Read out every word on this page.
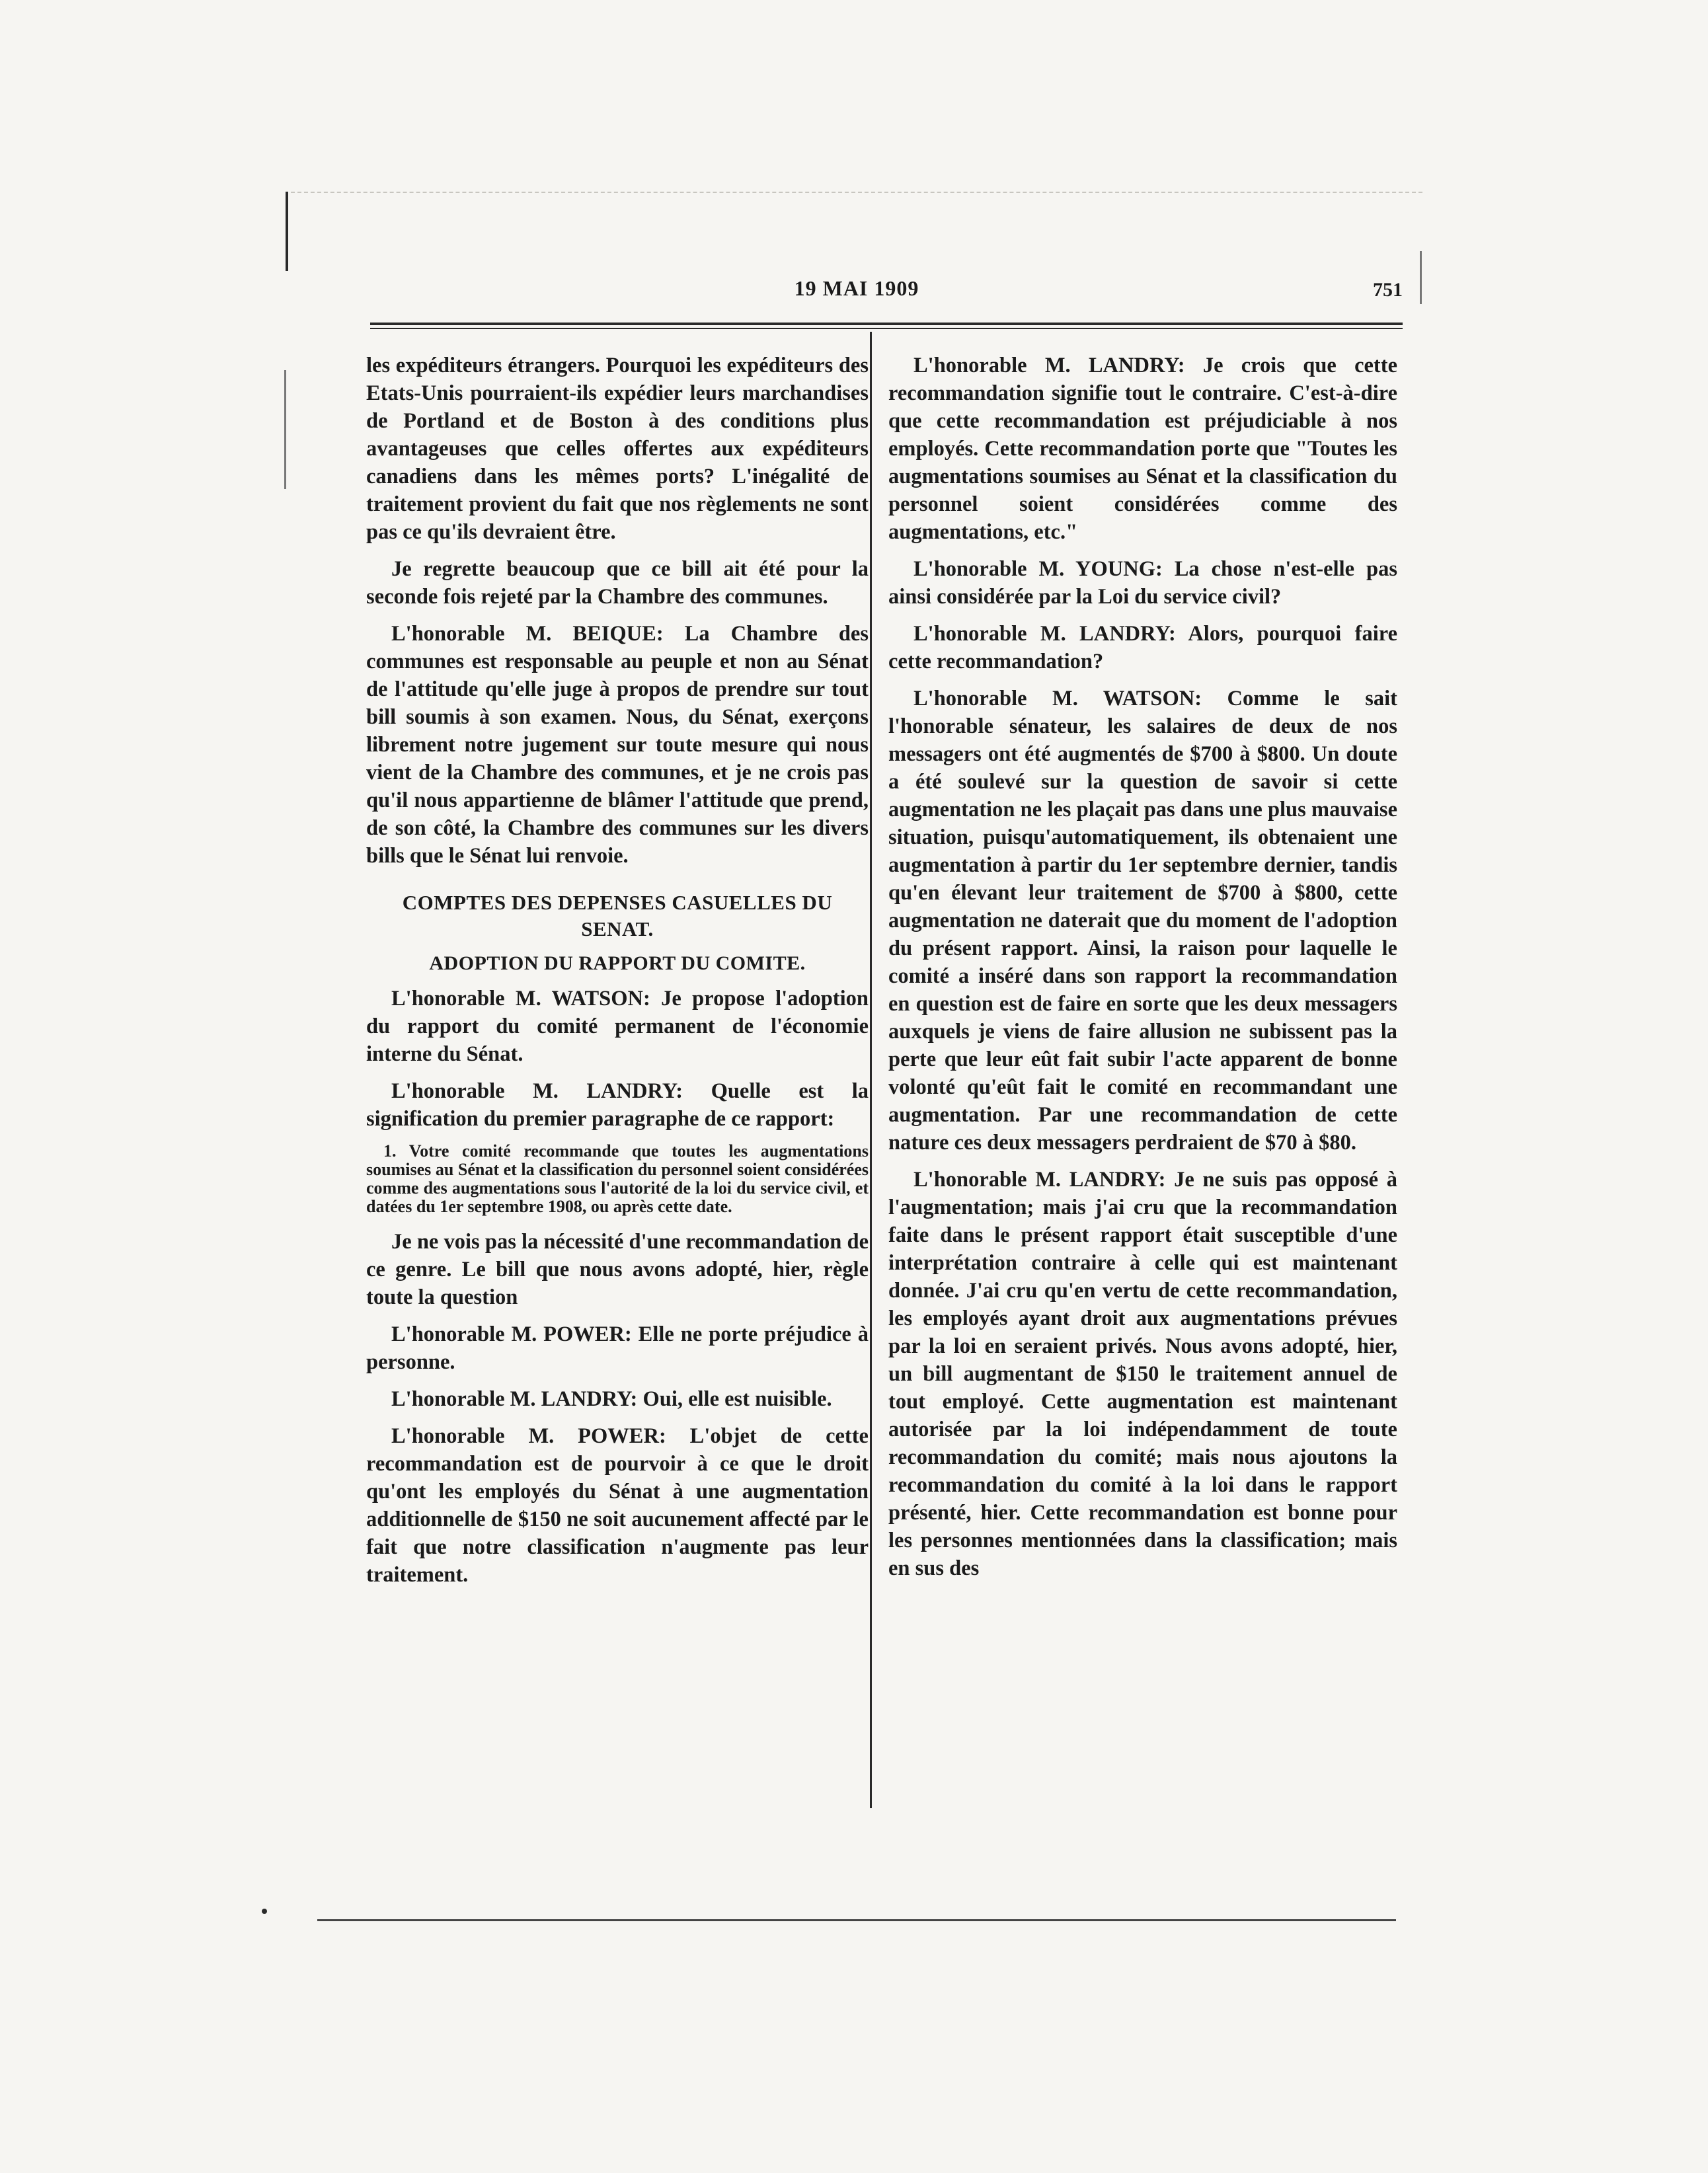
19 MAI 1909	751

les expéditeurs étrangers. Pourquoi les expéditeurs des Etats-Unis pourraient-ils expédier leurs marchandises de Portland et de Boston à des conditions plus avantageuses que celles offertes aux expéditeurs canadiens dans les mêmes ports? L'inégalité de traitement provient du fait que nos règlements ne sont pas ce qu'ils devraient être.

Je regrette beaucoup que ce bill ait été pour la seconde fois rejeté par la Chambre des communes.

L'honorable M. BEIQUE: La Chambre des communes est responsable au peuple et non au Sénat de l'attitude qu'elle juge à propos de prendre sur tout bill soumis à son examen. Nous, du Sénat, exerçons librement notre jugement sur toute mesure qui nous vient de la Chambre des communes, et je ne crois pas qu'il nous appartienne de blâmer l'attitude que prend, de son côté, la Chambre des communes sur les divers bills que le Sénat lui renvoie.

COMPTES DES DEPENSES CASUELLES DU SENAT.
ADOPTION DU RAPPORT DU COMITE.

L'honorable M. WATSON: Je propose l'adoption du rapport du comité permanent de l'économie interne du Sénat.

L'honorable M. LANDRY: Quelle est la signification du premier paragraphe de ce rapport:

1. Votre comité recommande que toutes les augmentations soumises au Sénat et la classification du personnel soient considérées comme des augmentations sous l'autorité de la loi du service civil, et datées du 1er septembre 1908, ou après cette date.

Je ne vois pas la nécessité d'une recommandation de ce genre. Le bill que nous avons adopté, hier, règle toute la question

L'honorable M. POWER: Elle ne porte préjudice à personne.

L'honorable M. LANDRY: Oui, elle est nuisible.

L'honorable M. POWER: L'objet de cette recommandation est de pourvoir à ce que le droit qu'ont les employés du Sénat à une augmentation additionnelle de $150 ne soit aucunement affecté par le fait que notre classification n'augmente pas leur traitement.

L'honorable M. LANDRY: Je crois que cette recommandation signifie tout le contraire. C'est-à-dire que cette recommandation est préjudiciable à nos employés. Cette recommandation porte que "Toutes les augmentations soumises au Sénat et la classification du personnel soient considérées comme des augmentations, etc."

L'honorable M. YOUNG: La chose n'est-elle pas ainsi considérée par la Loi du service civil?

L'honorable M. LANDRY: Alors, pourquoi faire cette recommandation?

L'honorable M. WATSON: Comme le sait l'honorable sénateur, les salaires de deux de nos messagers ont été augmentés de $700 à $800. Un doute a été soulevé sur la question de savoir si cette augmentation ne les plaçait pas dans une plus mauvaise situation, puisqu'automatiquement, ils obtenaient une augmentation à partir du 1er septembre dernier, tandis qu'en élevant leur traitement de $700 à $800, cette augmentation ne daterait que du moment de l'adoption du présent rapport. Ainsi, la raison pour laquelle le comité a inséré dans son rapport la recommandation en question est de faire en sorte que les deux messagers auxquels je viens de faire allusion ne subissent pas la perte que leur eût fait subir l'acte apparent de bonne volonté qu'eût fait le comité en recommandant une augmentation. Par une recommandation de cette nature ces deux messagers perdraient de $70 à $80.

L'honorable M. LANDRY: Je ne suis pas opposé à l'augmentation; mais j'ai cru que la recommandation faite dans le présent rapport était susceptible d'une interprétation contraire à celle qui est maintenant donnée. J'ai cru qu'en vertu de cette recommandation, les employés ayant droit aux augmentations prévues par la loi en seraient privés. Nous avons adopté, hier, un bill augmentant de $150 le traitement annuel de tout employé. Cette augmentation est maintenant autorisée par la loi indépendamment de toute recommandation du comité; mais nous ajoutons la recommandation du comité à la loi dans le rapport présenté, hier. Cette recommandation est bonne pour les personnes mentionnées dans la classification; mais en sus des
